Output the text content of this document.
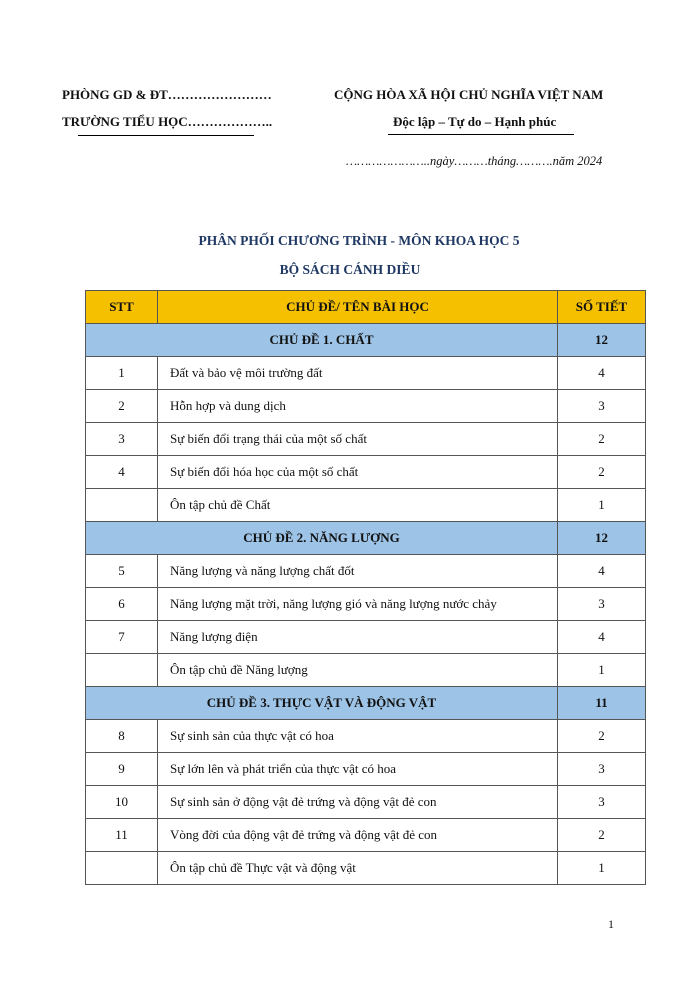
PHÒNG GD & ĐT……………………
TRƯỜNG TIỂU HỌC………………..
CỘNG HÒA XÃ HỘI CHỦ NGHĨA VIỆT NAM
Độc lập – Tự do – Hạnh phúc
…………………..ngày………tháng……….năm 2024
PHÂN PHỐI CHƯƠNG TRÌNH - MÔN KHOA HỌC 5
BỘ SÁCH CÁNH DIỀU
STT	CHỦ ĐỀ/ TÊN BÀI HỌC	SỐ TIẾT
CHỦ ĐỀ 1. CHẤT		12
1	Đất và bảo vệ môi trường đất	4
2	Hỗn hợp và dung dịch	3
3	Sự biến đổi trạng thái của một số chất	2
4	Sự biến đổi hóa học của một số chất	2
	Ôn tập chủ đề Chất	1
CHỦ ĐỀ 2. NĂNG LƯỢNG		12
5	Năng lượng và năng lượng chất đốt	4
6	Năng lượng mặt trời, năng lượng gió và năng lượng nước chảy	3
7	Năng lượng điện	4
	Ôn tập chủ đề Năng lượng	1
CHỦ ĐỀ 3. THỰC VẬT VÀ ĐỘNG VẬT		11
8	Sự sinh sản của thực vật có hoa	2
9	Sự lớn lên và phát triển của thực vật có hoa	3
10	Sự sinh sản ở động vật đẻ trứng và động vật đẻ con	3
11	Vòng đời của động vật đẻ trứng và động vật đẻ con	2
	Ôn tập chủ đề Thực vật và động vật	1
1
